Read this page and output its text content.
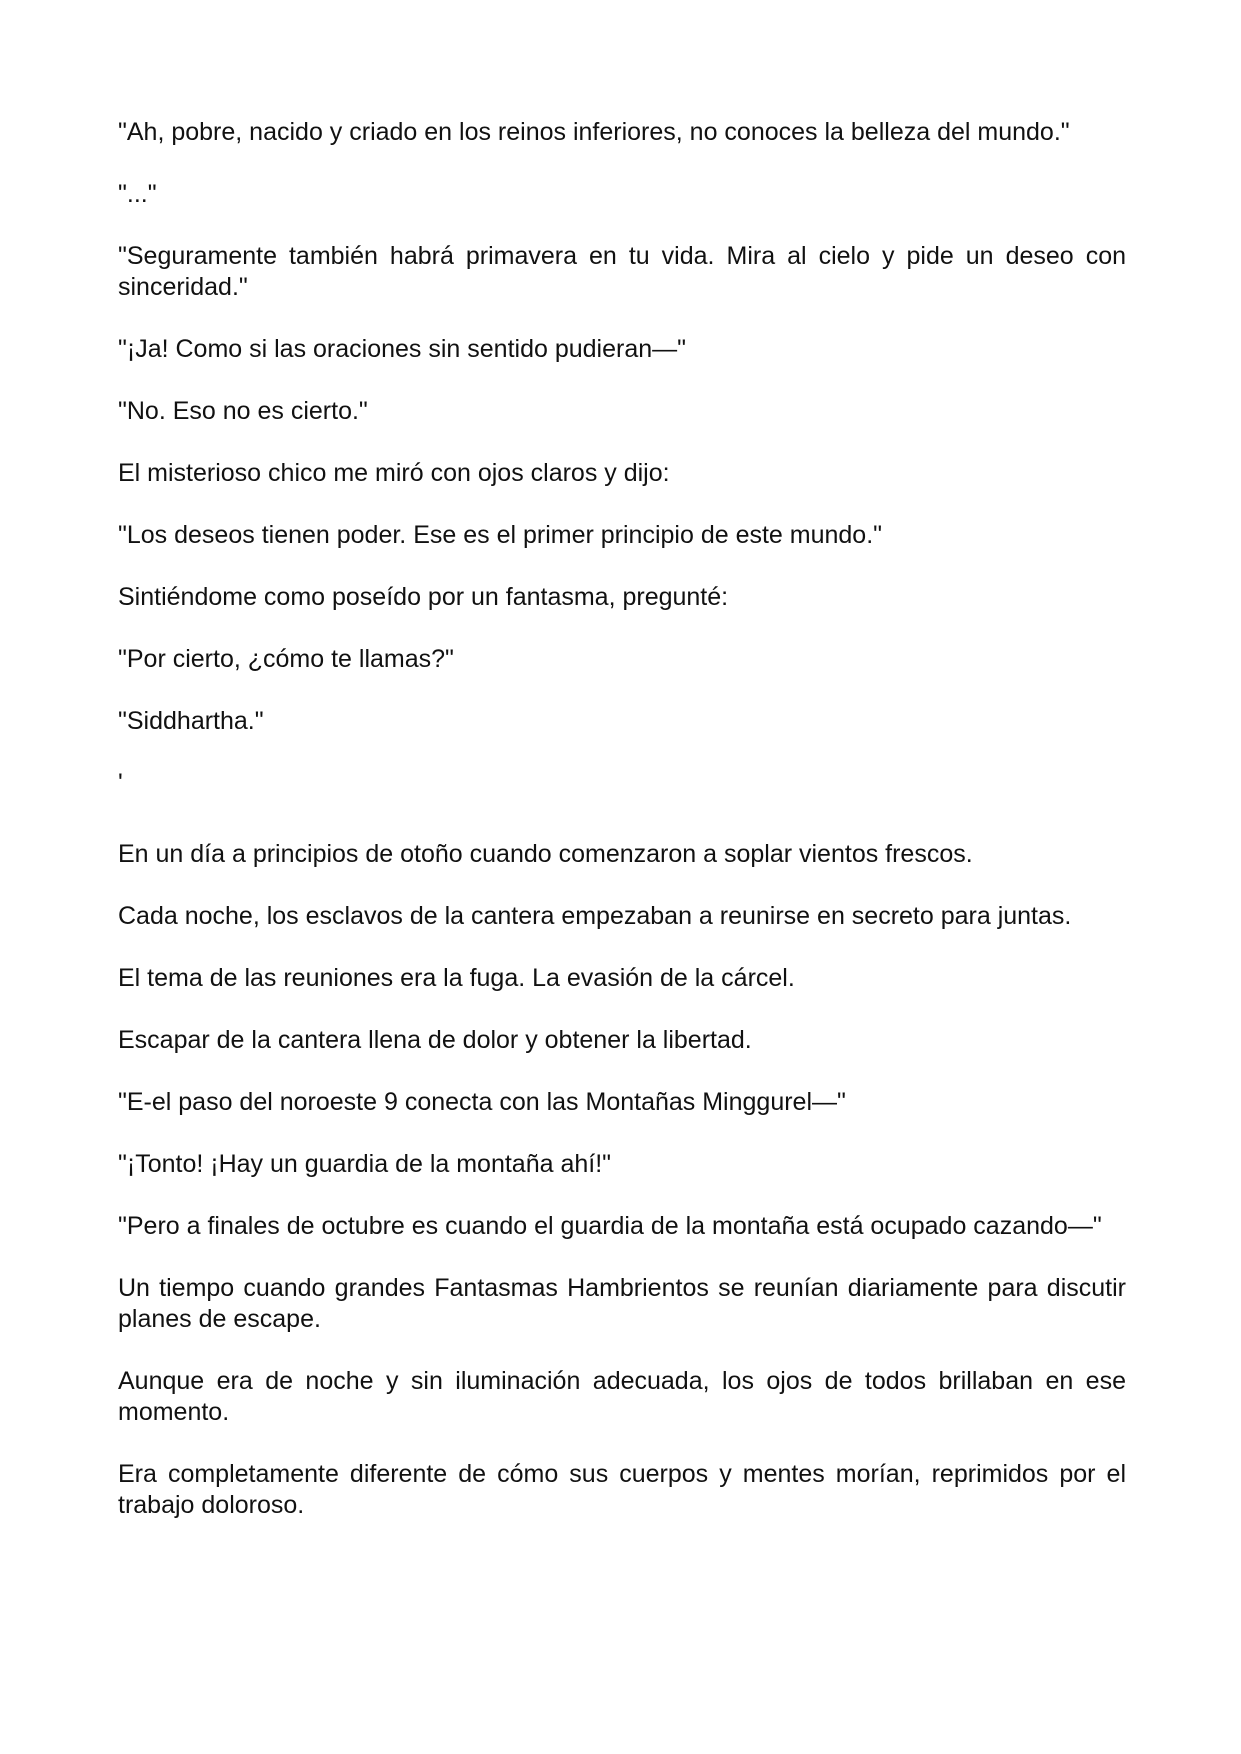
"Ah, pobre, nacido y criado en los reinos inferiores, no conoces la belleza del mundo."

"..."

"Seguramente también habrá primavera en tu vida. Mira al cielo y pide un deseo con sinceridad."

"¡Ja! Como si las oraciones sin sentido pudieran—"

"No. Eso no es cierto."

El misterioso chico me miró con ojos claros y dijo:

"Los deseos tienen poder. Ese es el primer principio de este mundo."

Sintiéndome como poseído por un fantasma, pregunté:

"Por cierto, ¿cómo te llamas?"

"Siddhartha."

'

En un día a principios de otoño cuando comenzaron a soplar vientos frescos.

Cada noche, los esclavos de la cantera empezaban a reunirse en secreto para juntas.

El tema de las reuniones era la fuga. La evasión de la cárcel.

Escapar de la cantera llena de dolor y obtener la libertad.

"E-el paso del noroeste 9 conecta con las Montañas Minggurel—"

"¡Tonto! ¡Hay un guardia de la montaña ahí!"

"Pero a finales de octubre es cuando el guardia de la montaña está ocupado cazando—"

Un tiempo cuando grandes Fantasmas Hambrientos se reunían diariamente para discutir planes de escape.

Aunque era de noche y sin iluminación adecuada, los ojos de todos brillaban en ese momento.

Era completamente diferente de cómo sus cuerpos y mentes morían, reprimidos por el trabajo doloroso.
